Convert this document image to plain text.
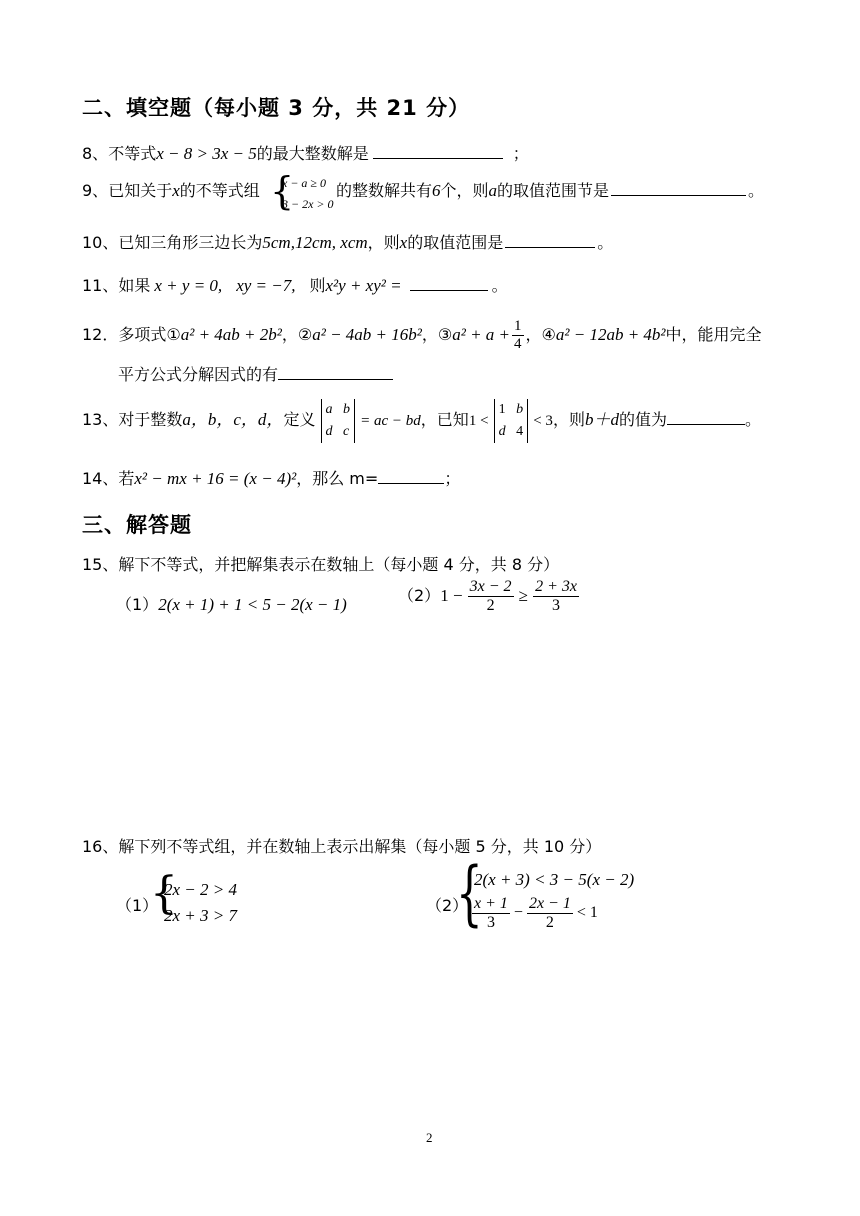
二、填空题（每小题 3 分，共 21 分）
8、不等式x − 8 > 3x − 5的最大整数解是	；
9、已知关于x的不等式组 {
x − a ≥ 0
3 − 2x > 0
的整数解共有6个，则a的取值范围节是	。
10、已知三角形三边长为5cm,12cm, xcm，则x的取值范围是	。
11、如果 x + y = 0, xy = −7, 则x²y + xy² =	。
12．多项式①a² + 4ab + 2b²，②a² − 4ab + 16b²，③a² + $a + \frac{1}{4}$ ，④a² − 12ab + 4b²中，能用完全
平方公式分解因式的有
13、对于整数a，b，c，d，定义 a b
d c = ac − bd，已知1 < 1 b
d 4 < 3，则b＋d的值为	。
14、若x² − mx + 16 = (x − 4)²，那么 m=	；
三、解答题
15、解下不等式，并把解集表示在数轴上（每小题 4 分，共 8 分）
（1）2(x + 1) + 1 < 5 − 2(x − 1)	$(2)1 - \frac{3x - 2}{2} \ge \frac{2 + 3x}{3}$
16、解下列不等式组，并在数轴上表示出解集（每小题 5 分，共 10 分）
（1）
{
2x − 2 > 4
2x + 3 > 7
（2）
{
2(x + 3) < 3 − 5(x − 2)
$\frac{x + 1}{3} - \frac{2x - 1}{2} < 1$
2
